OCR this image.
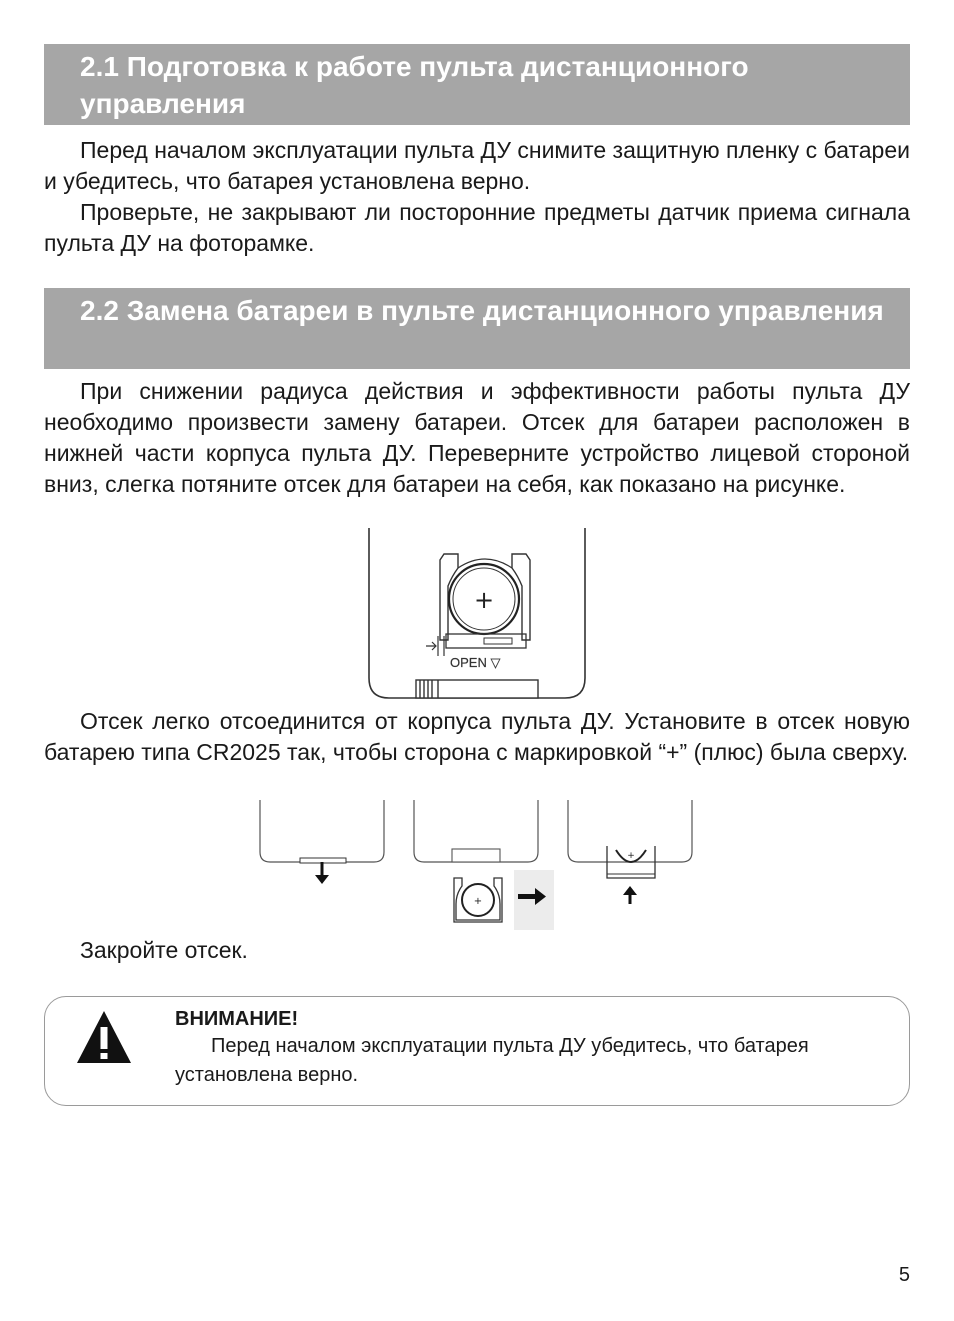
2.1 Подготовка к работе пульта дистанционного управления

Перед началом эксплуатации пульта ДУ снимите защитную пленку с батареи и убедитесь, что батарея установлена верно.

Проверьте, не закрывают ли посторонние предметы датчик приема сигнала пульта ДУ на фоторамке.

2.2 Замена батареи в пульте дистанционного управления

При снижении радиуса действия и эффективности работы пульта ДУ необходимо произвести замену батареи. Отсек для батареи расположен в нижней части корпуса пульта ДУ. Переверните устройство лицевой стороной вниз, слегка потяните отсек для батареи на себя, как показано на рисунке.

+
OPEN ▽

Отсек легко отсоединится от корпуса пульта ДУ. Установите в отсек новую батарею типа CR2025 так, чтобы сторона с маркировкой “+” (плюс) была сверху.

+
+

Закройте отсек.

ВНИМАНИЕ!

Перед началом эксплуатации пульта ДУ убедитесь, что батарея установлена верно.

5
